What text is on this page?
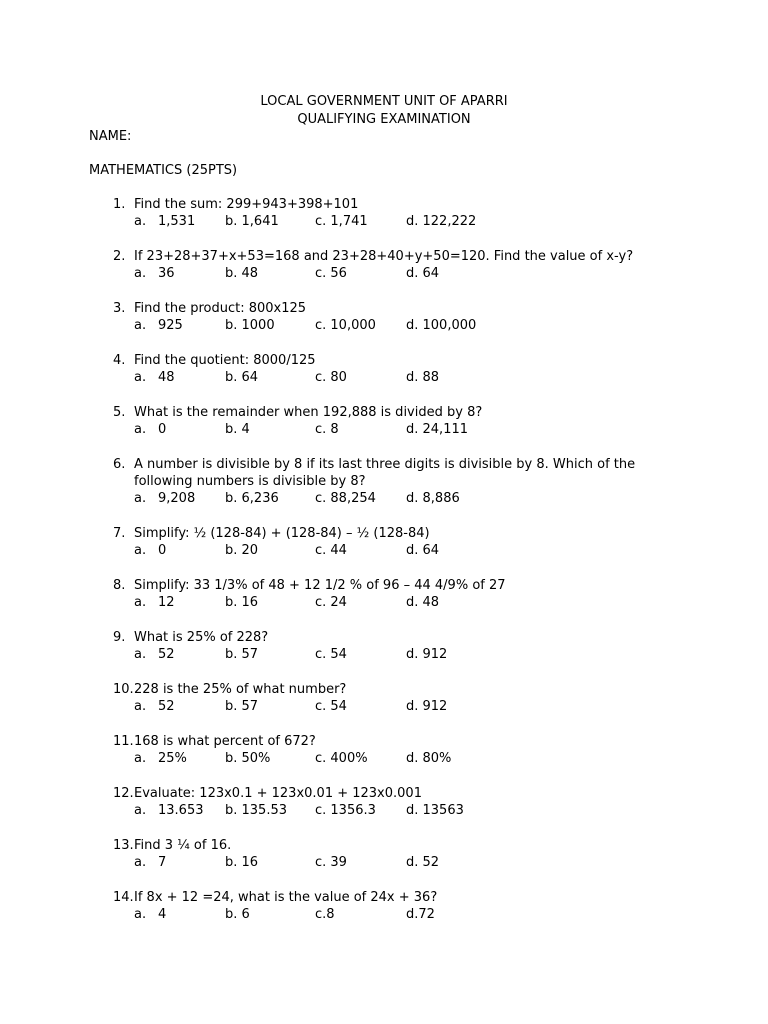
LOCAL GOVERNMENT UNIT OF APARRI
QUALIFYING EXAMINATION
NAME:
MATHEMATICS (25PTS)
1. Find the sum: 299+943+398+101
a. 1,531 b. 1,641	c. 1,741	d. 122,222
2. If 23+28+37+x+53=168 and 23+28+40+y+50=120. Find the value of x-y?
a. 36	b. 48	c. 56	d. 64
3. Find the product: 800x125
a. 925	b. 1000	c. 10,000 d. 100,000
4. Find the quotient: 8000/125
a. 48	b. 64	c. 80	d. 88
5. What is the remainder when 192,888 is divided by 8?
a. 0	b. 4	c. 8	d. 24,111
6. A number is divisible by 8 if its last three digits is divisible by 8. Which of the following numbers is divisible by 8?
a. 9,208 b. 6,236	c. 88,254 d. 8,886
7. Simplify: ½ (128-84) + (128-84) – ½ (128-84)
a. 0	b. 20	c. 44	d. 64
8. Simplify: 33 1/3% of 48 + 12 1/2 % of 96 – 44 4/9% of 27
a. 12	b. 16	c. 24	d. 48
9. What is 25% of 228?
a. 52	b. 57	c. 54	d. 912
10. 228 is the 25% of what number?
a. 52	b. 57	c. 54	d. 912
11. 168 is what percent of 672?
a. 25%	b. 50%	c. 400%	d. 80%
12. Evaluate: 123x0.1 + 123x0.01 + 123x0.001
a. 13.653 b. 135.53 c. 1356.3 d. 13563
13. Find 3 ¼ of 16.
a. 7	b. 16	c. 39	d. 52
14. If 8x + 12 =24, what is the value of 24x + 36?
a. 4	b. 6	c.8	d.72
